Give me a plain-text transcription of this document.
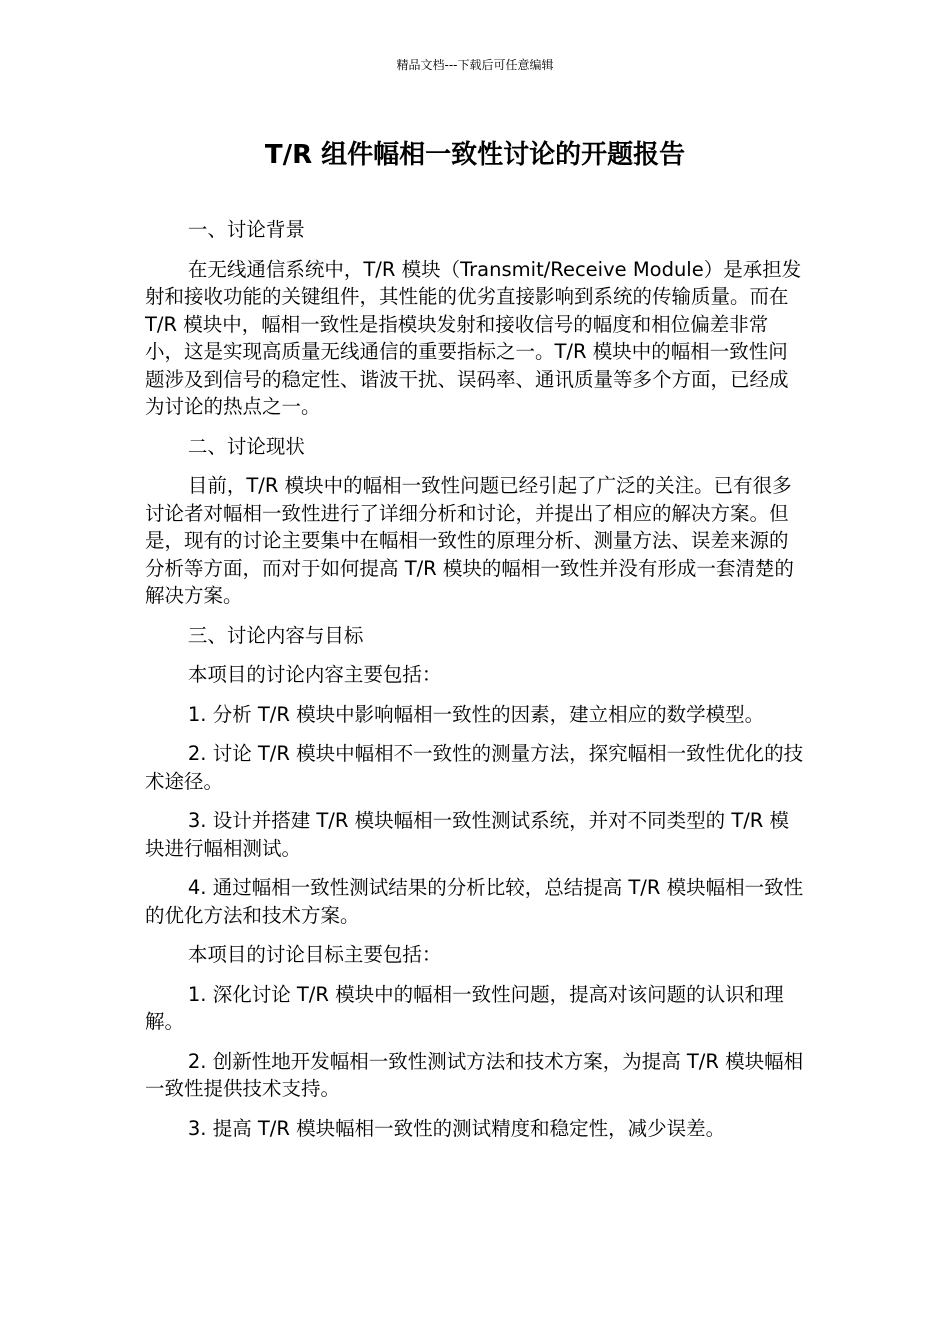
精品文档---下载后可任意编辑
T/R 组件幅相一致性讨论的开题报告

一、讨论背景

在无线通信系统中，T/R 模块（Transmit/Receive Module）是承担发射和接收功能的关键组件，其性能的优劣直接影响到系统的传输质量。而在 T/R 模块中，幅相一致性是指模块发射和接收信号的幅度和相位偏差非常小，这是实现高质量无线通信的重要指标之一。T/R 模块中的幅相一致性问题涉及到信号的稳定性、谐波干扰、误码率、通讯质量等多个方面，已经成为讨论的热点之一。

二、讨论现状

目前，T/R 模块中的幅相一致性问题已经引起了广泛的关注。已有很多讨论者对幅相一致性进行了详细分析和讨论，并提出了相应的解决方案。但是，现有的讨论主要集中在幅相一致性的原理分析、测量方法、误差来源的分析等方面，而对于如何提高 T/R 模块的幅相一致性并没有形成一套清楚的解决方案。

三、讨论内容与目标

本项目的讨论内容主要包括：

1. 分析 T/R 模块中影响幅相一致性的因素，建立相应的数学模型。

2. 讨论 T/R 模块中幅相不一致性的测量方法，探究幅相一致性优化的技术途径。

3. 设计并搭建 T/R 模块幅相一致性测试系统，并对不同类型的 T/R 模块进行幅相测试。

4. 通过幅相一致性测试结果的分析比较，总结提高 T/R 模块幅相一致性的优化方法和技术方案。

本项目的讨论目标主要包括：

1. 深化讨论 T/R 模块中的幅相一致性问题，提高对该问题的认识和理解。

2. 创新性地开发幅相一致性测试方法和技术方案，为提高 T/R 模块幅相一致性提供技术支持。

3. 提高 T/R 模块幅相一致性的测试精度和稳定性，减少误差。
